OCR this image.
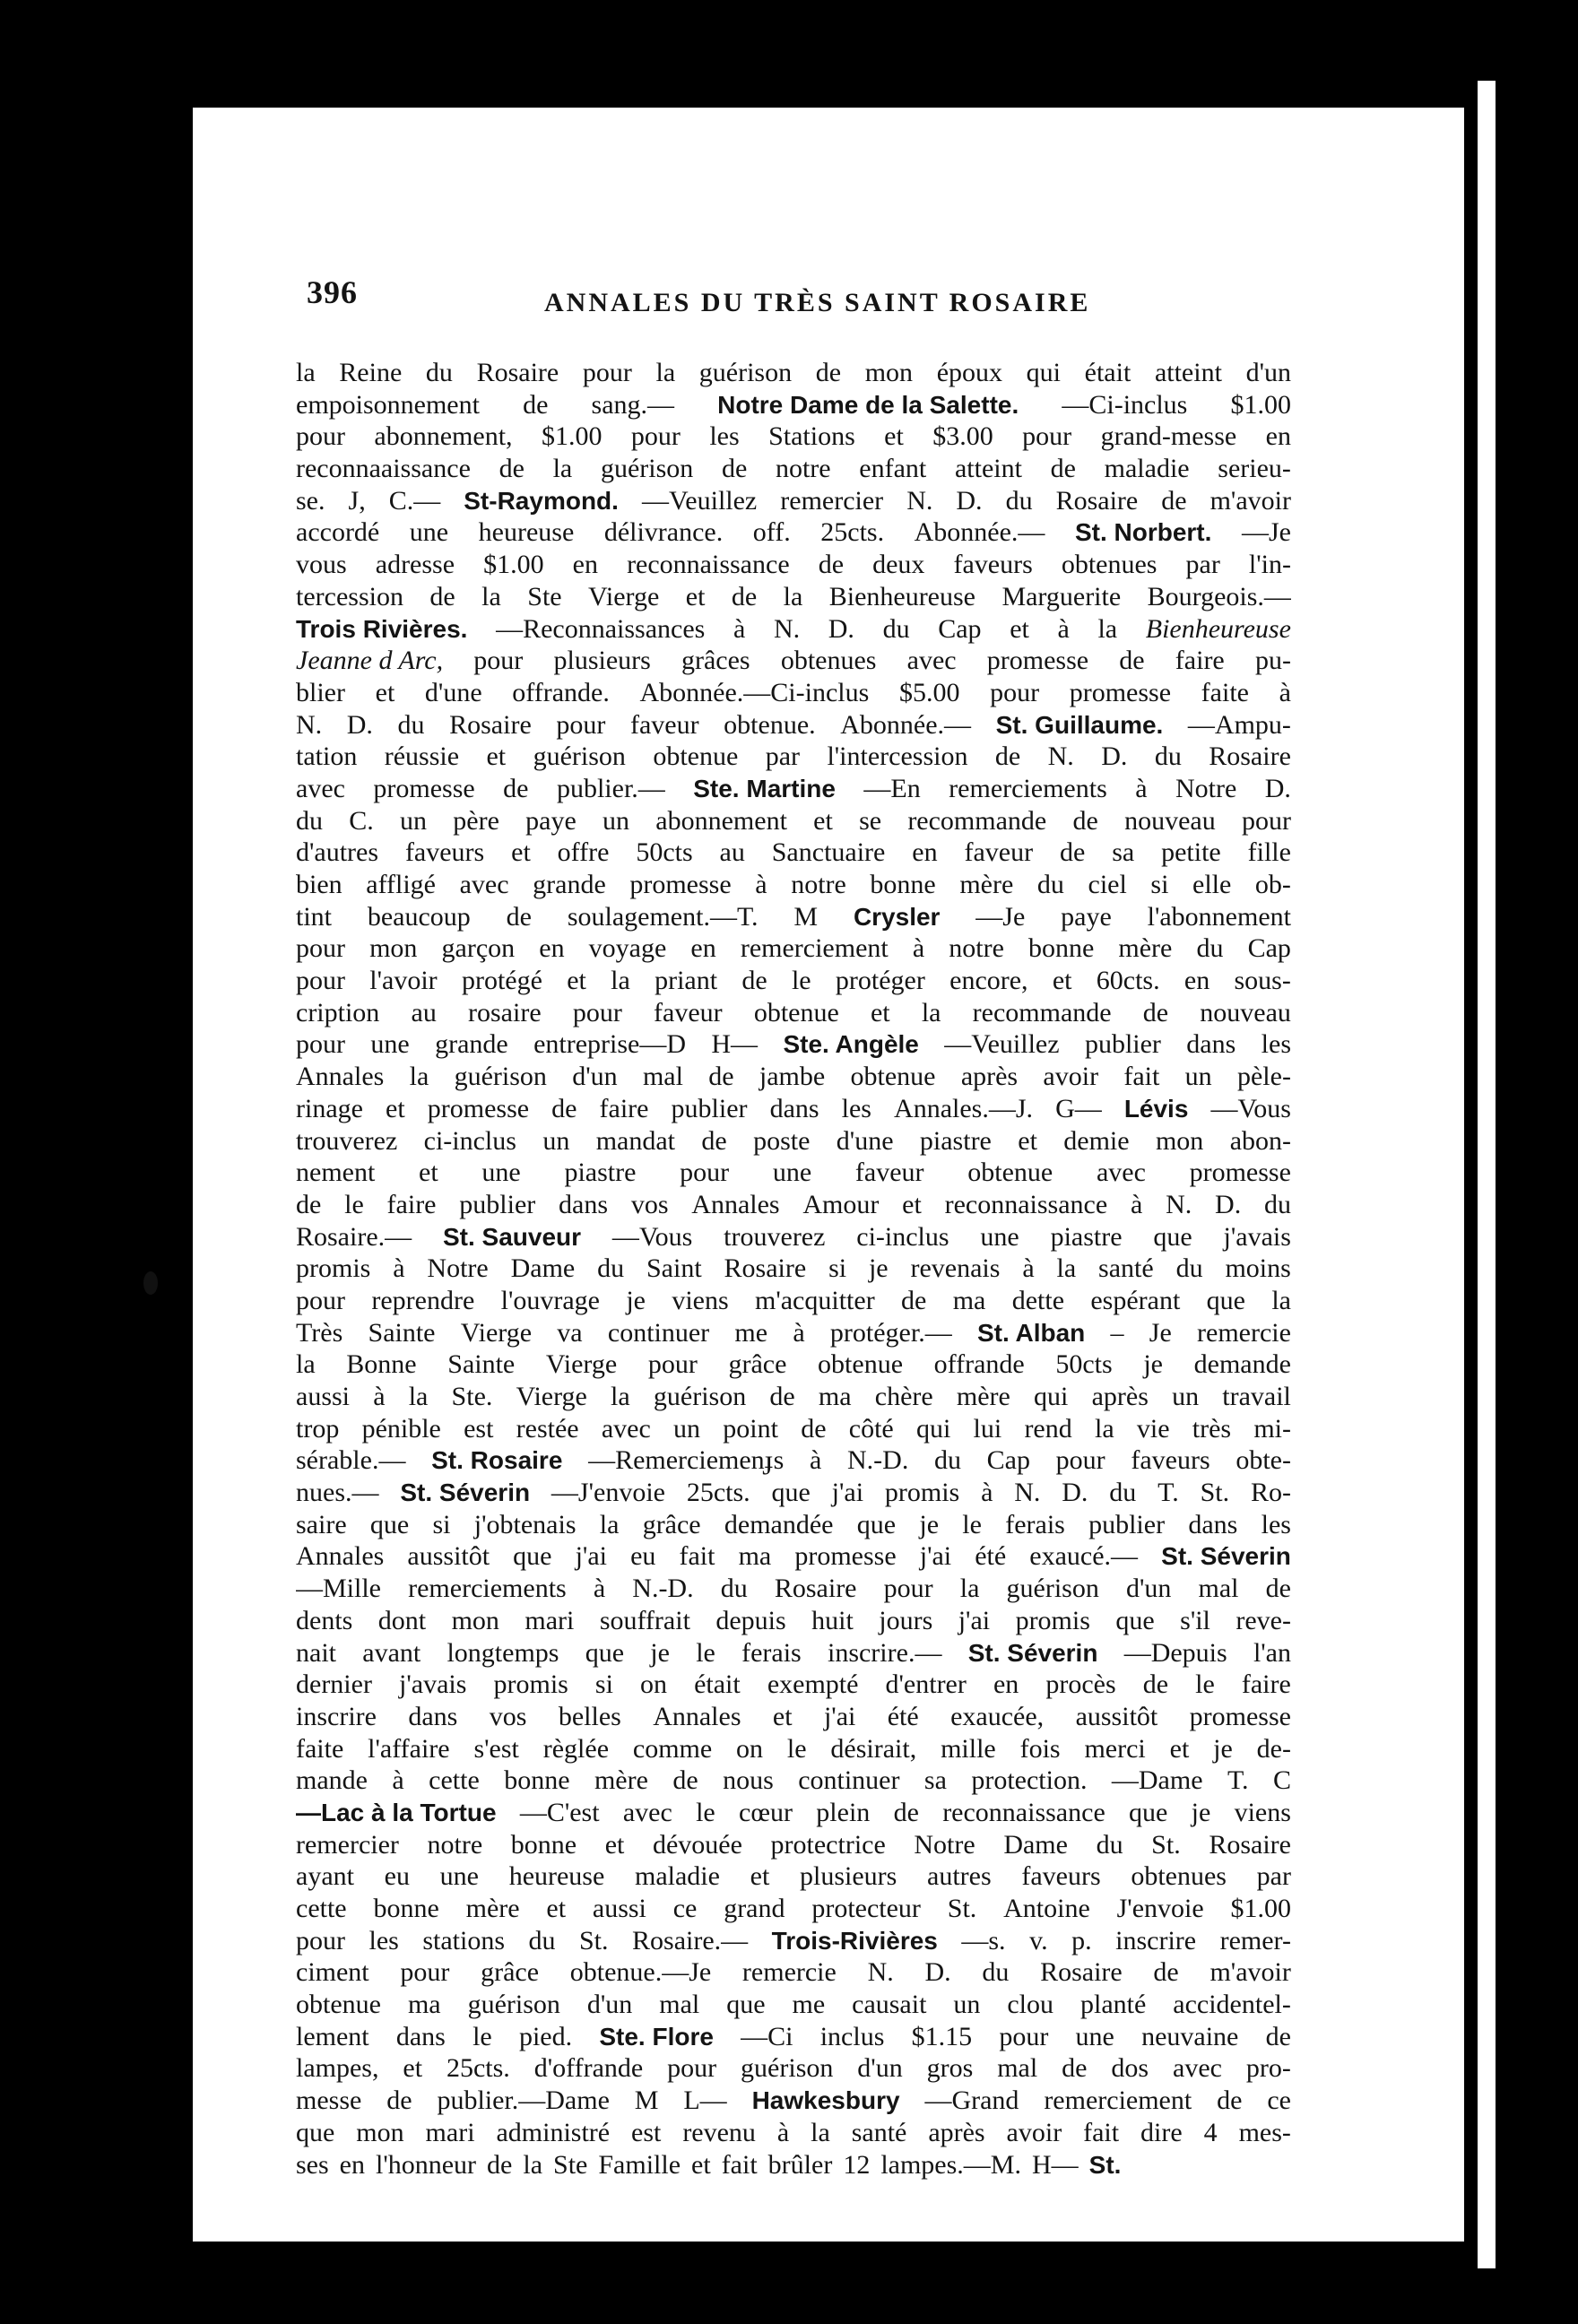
396	ANNALES DU TRÈS SAINT ROSAIRE
la Reine du Rosaire pour la guérison de mon époux qui était atteint d'un
empoisonnement de sang.— Notre Dame de la Salette. —Ci-inclus $1.00
pour abonnement, $1.00 pour les Stations et $3.00 pour grand-messe en
reconnaaissance de la guérison de notre enfant atteint de maladie serieu-
se. J, C.— St-Raymond. —Veuillez remercier N. D. du Rosaire de m'avoir
accordé une heureuse délivrance. off. 25cts. Abonnée.— St. Norbert. —Je
vous adresse $1.00 en reconnaissance de deux faveurs obtenues par l'in-
tercession de la Ste Vierge et de la Bienheureuse Marguerite Bourgeois.—
Trois Rivières. —Reconnaissances à N. D. du Cap et à la Bienheureuse
Jeanne d Arc, pour plusieurs grâces obtenues avec promesse de faire pu-
blier et d'une offrande. Abonnée.—Ci-inclus $5.00 pour promesse faite à
N. D. du Rosaire pour faveur obtenue. Abonnée.— St. Guillaume. —Ampu-
tation réussie et guérison obtenue par l'intercession de N. D. du Rosaire
avec promesse de publier.— Ste. Martine —En remerciements à Notre D.
du C. un père paye un abonnement et se recommande de nouveau pour
d'autres faveurs et offre 50cts au Sanctuaire en faveur de sa petite fille
bien affligé avec grande promesse à notre bonne mère du ciel si elle ob-
tint beaucoup de soulagement.—T. M Crysler —Je paye l'abonnement
pour mon garçon en voyage en remerciement à notre bonne mère du Cap
pour l'avoir protégé et la priant de le protéger encore, et 60cts. en sous-
cription au rosaire pour faveur obtenue et la recommande de nouveau
pour une grande entreprise—D H— Ste. Angèle —Veuillez publier dans les
Annales la guérison d'un mal de jambe obtenue après avoir fait un pèle-
rinage et promesse de faire publier dans les Annales.—J. G— Lévis —Vous
trouverez ci-inclus un mandat de poste d'une piastre et demie mon abon-
nement et une piastre pour une faveur obtenue avec promesse
de le faire publier dans vos Annales Amour et reconnaissance à N. D. du
Rosaire.— St. Sauveur —Vous trouverez ci-inclus une piastre que j'avais
promis à Notre Dame du Saint Rosaire si je revenais à la santé du moins
pour reprendre l'ouvrage je viens m'acquitter de ma dette espérant que la
Très Sainte Vierge va continuer me à protéger.— St. Alban – Je remercie
la Bonne Sainte Vierge pour grâce obtenue offrande 50cts je demande
aussi à la Ste. Vierge la guérison de ma chère mère qui après un travail
trop pénible est restée avec un point de côté qui lui rend la vie très mi-
sérable.— St. Rosaire —Remerciemenɟs à N.-D. du Cap pour faveurs obte-
nues.— St. Séverin —J'envoie 25cts. que j'ai promis à N. D. du T. St. Ro-
saire que si j'obtenais la grâce demandée que je le ferais publier dans les
Annales aussitôt que j'ai eu fait ma promesse j'ai été exaucé.— St. Séverin
—Mille remerciements à N.-D. du Rosaire pour la guérison d'un mal de
dents dont mon mari souffrait depuis huit jours j'ai promis que s'il reve-
nait avant longtemps que je le ferais inscrire.— St. Séverin —Depuis l'an
dernier j'avais promis si on était exempté d'entrer en procès de le faire
inscrire dans vos belles Annales et j'ai été exaucée, aussitôt promesse
faite l'affaire s'est règlée comme on le désirait, mille fois merci et je de-
mande à cette bonne mère de nous continuer sa protection. —Dame T. C
—Lac à la Tortue —C'est avec le cœur plein de reconnaissance que je viens
remercier notre bonne et dévouée protectrice Notre Dame du St. Rosaire
ayant eu une heureuse maladie et plusieurs autres faveurs obtenues par
cette bonne mère et aussi ce grand protecteur St. Antoine J'envoie $1.00
pour les stations du St. Rosaire.— Trois-Rivières —s. v. p. inscrire remer-
ciment pour grâce obtenue.—Je remercie N. D. du Rosaire de m'avoir
obtenue ma guérison d'un mal que me causait un clou planté accidentel-
lement dans le pied. Ste. Flore —Ci inclus $1.15 pour une neuvaine de
lampes, et 25cts. d'offrande pour guérison d'un gros mal de dos avec pro-
messe de publier.—Dame M L— Hawkesbury —Grand remerciement de ce
que mon mari administré est revenu à la santé après avoir fait dire 4 mes-
ses en l'honneur de la Ste Famille et fait brûler 12 lampes.—M. H— St.
